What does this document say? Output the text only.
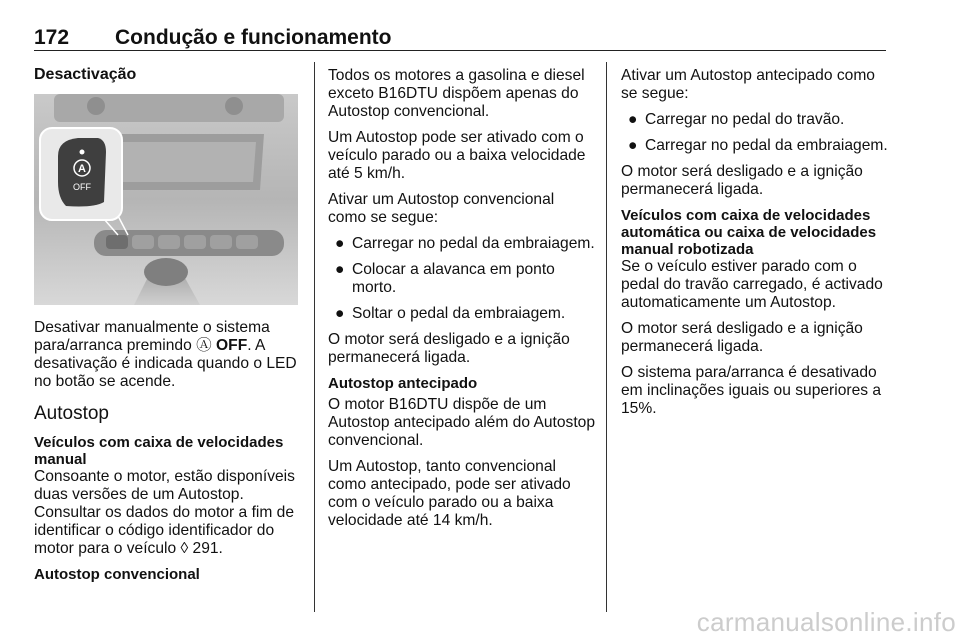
172 Condução e funcionamento
Desactivação
A
OFF

Desativar manualmente o sistema para/arranca premindo Ⓐ OFF. A desativação é indicada quando o LED no botão se acende.

Autostop
Veículos com caixa de velocidades manual

Consoante o motor, estão disponíveis duas versões de um Autostop. Consultar os dados do motor a fim de identificar o código identificador do motor para o veículo ◊ 291.

Autostop convencional

Todos os motores a gasolina e diesel exceto B16DTU dispõem apenas do Autostop convencional.

Um Autostop pode ser ativado com o veículo parado ou a baixa velocidade até 5 km/h.

Ativar um Autostop convencional como se segue:

● Carregar no pedal da embraiagem.
● Colocar a alavanca em ponto morto.
● Soltar o pedal da embraiagem.

O motor será desligado e a ignição permanecerá ligada.

Autostop antecipado

O motor B16DTU dispõe de um Autostop antecipado além do Autostop convencional.

Um Autostop, tanto convencional como antecipado, pode ser ativado com o veículo parado ou a baixa velocidade até 14 km/h.

Ativar um Autostop antecipado como se segue:

● Carregar no pedal do travão.
● Carregar no pedal da embraiagem.

O motor será desligado e a ignição permanecerá ligada.

Veículos com caixa de velocidades automática ou caixa de velocidades manual robotizada

Se o veículo estiver parado com o pedal do travão carregado, é activado automaticamente um Autostop.

O motor será desligado e a ignição permanecerá ligada.

O sistema para/arranca é desativado em inclinações iguais ou superiores a 15%.

carmanualsonline.info
